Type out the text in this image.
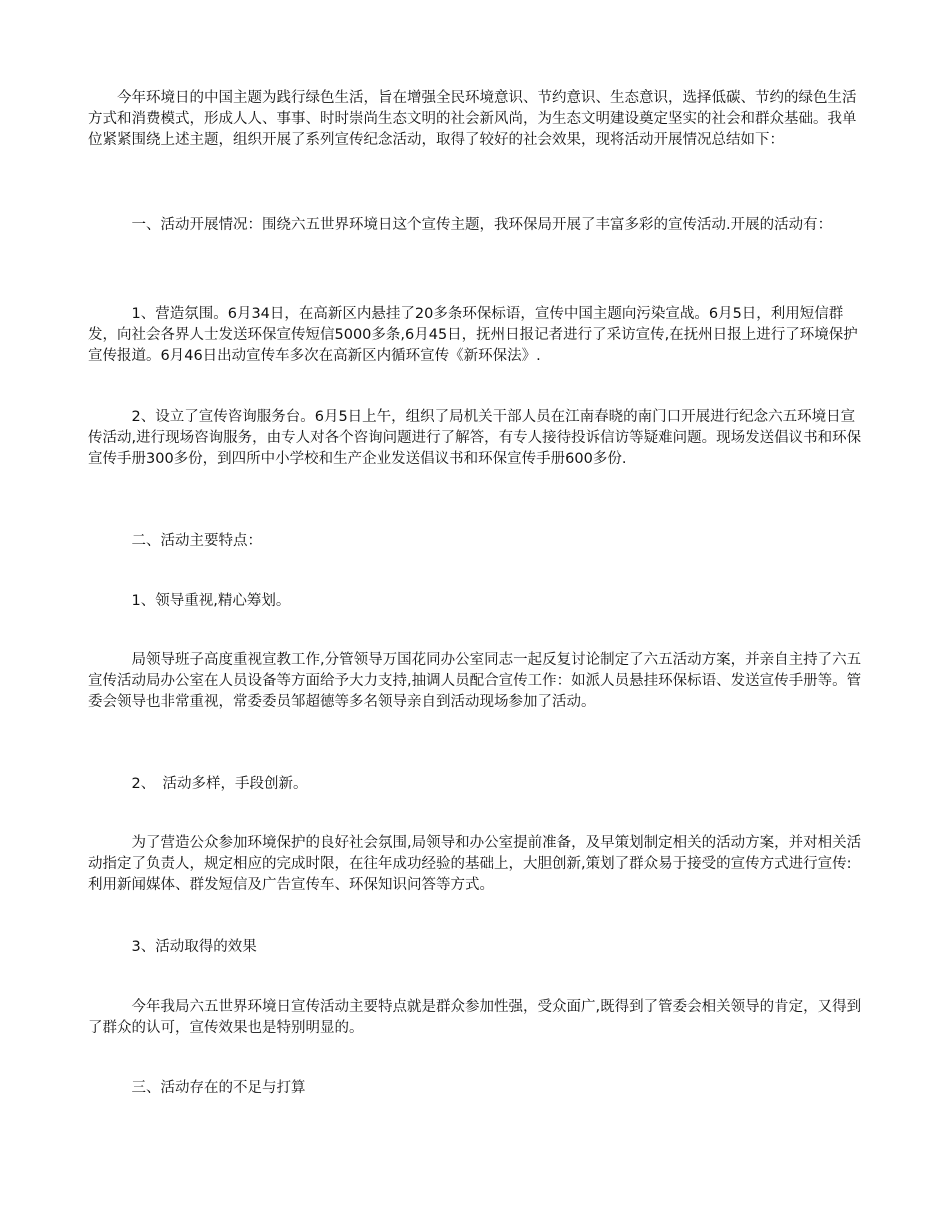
　　今年环境日的中国主题为践行绿色生活，旨在增强全民环境意识、节约意识、生态意识，选择低碳、节约的绿色生活方式和消费模式，形成人人、事事、时时崇尚生态文明的社会新风尚，为生态文明建设奠定坚实的社会和群众基础。我单位紧紧围绕上述主题，组织开展了系列宣传纪念活动，取得了较好的社会效果，现将活动开展情况总结如下：

　　　一、活动开展情况：围绕六五世界环境日这个宣传主题，我环保局开展了丰富多彩的宣传活动.开展的活动有：

　　　1、营造氛围。6月34日，在高新区内悬挂了20多条环保标语，宣传中国主题向污染宣战。6月5日，利用短信群发，向社会各界人士发送环保宣传短信5000多条,6月45日，抚州日报记者进行了采访宣传,在抚州日报上进行了环境保护宣传报道。6月46日出动宣传车多次在高新区内循环宣传《新环保法》.

　　　2、设立了宣传咨询服务台。6月5日上午，组织了局机关干部人员在江南春晓的南门口开展进行纪念六五环境日宣传活动,进行现场咨询服务，由专人对各个咨询问题进行了解答，有专人接待投诉信访等疑难问题。现场发送倡议书和环保宣传手册300多份，到四所中小学校和生产企业发送倡议书和环保宣传手册600多份.

　　　二、活动主要特点：

　　　1、领导重视,精心筹划。

　　　局领导班子高度重视宣教工作,分管领导万国花同办公室同志一起反复讨论制定了六五活动方案，并亲自主持了六五宣传活动局办公室在人员设备等方面给予大力支持,抽调人员配合宣传工作：如派人员悬挂环保标语、发送宣传手册等。管委会领导也非常重视，常委委员邹超德等多名领导亲自到活动现场参加了活动。

　　　2、　活动多样，手段创新。

　　　为了营造公众参加环境保护的良好社会氛围,局领导和办公室提前准备，及早策划制定相关的活动方案，并对相关活动指定了负责人，规定相应的完成时限，在往年成功经验的基础上，大胆创新,策划了群众易于接受的宣传方式进行宣传:利用新闻媒体、群发短信及广告宣传车、环保知识问答等方式。

　　　3、活动取得的效果

　　　今年我局六五世界环境日宣传活动主要特点就是群众参加性强，受众面广,既得到了管委会相关领导的肯定，又得到了群众的认可，宣传效果也是特别明显的。

　　　三、活动存在的不足与打算
